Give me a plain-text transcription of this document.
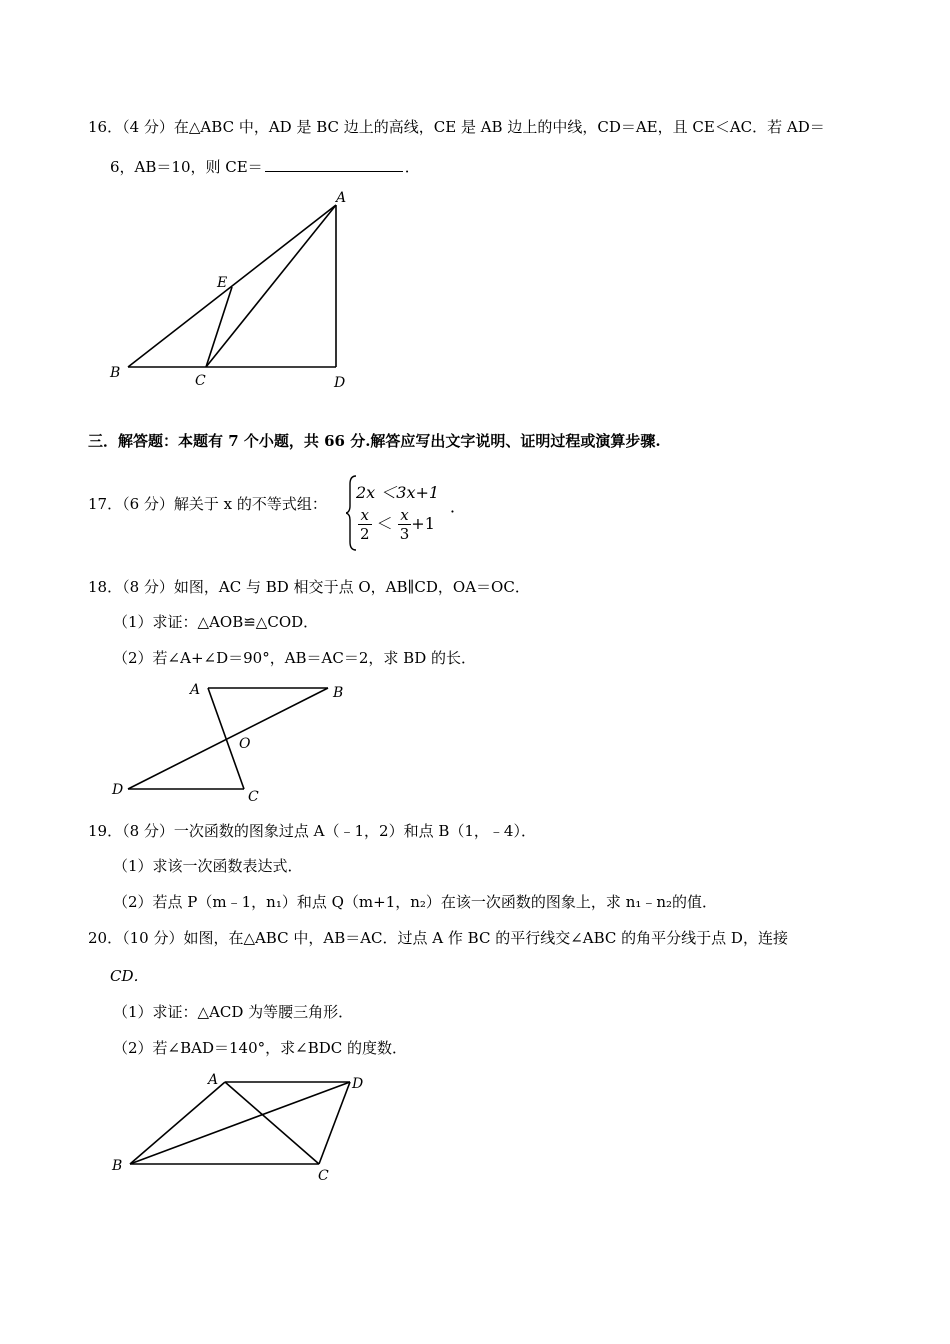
16．（4 分）在△ABC 中，AD 是 BC 边上的高线，CE 是 AB 边上的中线，CD＝AE，且 CE＜AC．若 AD＝
6，AB＝10，则 CE＝	．
A
B	C	D
E
三．解答题：本题有 7 个小题，共 66 分.解答应写出文字说明、证明过程或演算步骤.
17．（6 分）解关于 x 的不等式组：
2x ＜3x+1
$\frac{x}{2} < \frac{x}{3} +1$
．
18．（8 分）如图，AC 与 BD 相交于点 O，AB∥CD，OA＝OC．
（1）求证：△AOB≌△COD．
（2）若∠A+∠D＝90°，AB＝AC＝2，求 BD 的长．
A	B
O
D	C
19．（8 分）一次函数的图象过点 A（﹣1，2）和点 B（1，﹣4）．
（1）求该一次函数表达式．
（2）若点 P（m﹣1，n₁）和点 Q（m+1，n₂）在该一次函数的图象上，求 n₁﹣n₂的值．
20．（10 分）如图，在△ABC 中，AB＝AC．过点 A 作 BC 的平行线交∠ABC 的角平分线于点 D，连接
CD．
（1）求证：△ACD 为等腰三角形．
（2）若∠BAD＝140°，求∠BDC 的度数．
A	D
B
C
